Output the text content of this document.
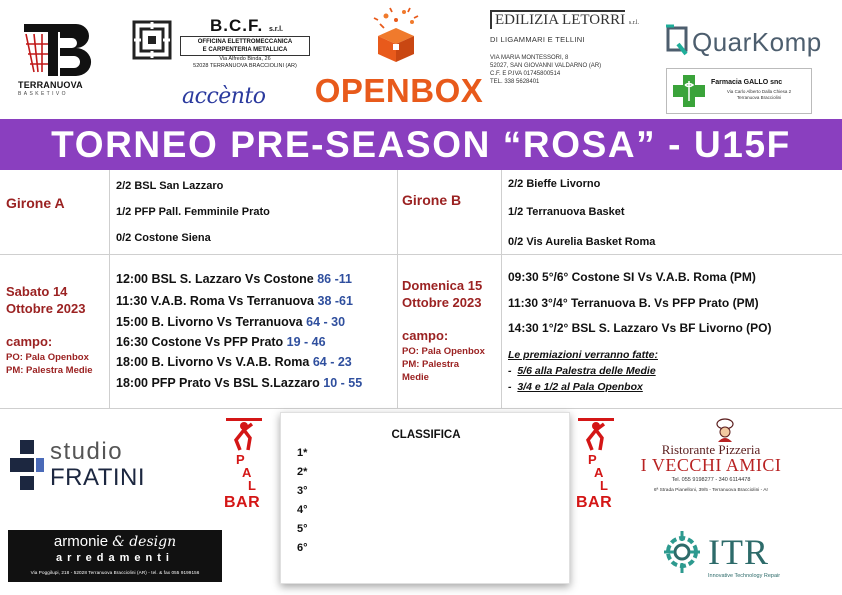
TERRANUOVA
BASKETIVO
B.C.F. s.r.l.
OFFICINA ELETTROMECCANICA
E CARPENTERIA METALLICA
Via Alfredo Binda, 26
52028 TERRANUOVA BRACCIOLINI (AR)
accènto OPENBOX
EDILIZIA LETORRI s.r.l.
DI LIGAMMARI E TELLINI
VIA MARIA MONTESSORI, 8
52027, SAN GIOVANNI VALDARNO (AR)
C.F. E P.IVA 01745800514
TEL. 338 5628401
QuarKomp
Farmacia GALLO snc
Via Carlo Alberto Dalla Chiesa 2
Terranuova Bracciolini
TORNEO PRE-SEASON “ROSA” - U15F
Girone A
2/2 BSL San Lazzaro
1/2 PFP Pall. Femminile Prato
0/2 Costone Siena
Girone B
2/2 Bieffe Livorno
1/2 Terranuova Basket
0/2 Vis Aurelia Basket Roma
Sabato 14
Ottobre 2023
campo:
PO: Pala Openbox
PM: Palestra Medie
12:00 BSL S. Lazzaro Vs Costone 86 -11
11:30 V.A.B. Roma Vs Terranuova 38 -61
15:00 B. Livorno Vs Terranuova 64 - 30
16:30 Costone Vs PFP Prato 19 - 46
18:00 B. Livorno Vs V.A.B. Roma 64 - 23
18:00 PFP Prato Vs BSL S.Lazzaro 10 - 55
Domenica 15
Ottobre 2023
campo:
PO: Pala Openbox
PM: Palestra
Medie
09:30 5°/6° Costone SI Vs V.A.B. Roma (PM)
11:30 3°/4° Terranuova B. Vs PFP Prato (PM)
14:30 1°/2° BSL S. Lazzaro Vs BF Livorno (PO)
Le premiazioni verranno fatte:
-  5/6 alla Palestra delle Medie
-  3/4 e 1/2 al Pala Openbox
studio
FRATINI
armonie & design
arredamenti
Via Poggilupi, 218 - 52028 Terranuova Bracciolini (AR) - tel. & fax 055 9199156
P
A
L
BAR
CLASSIFICA
1*
2*
3°
4°
5°
6°
P
A
L
BAR
Ristorante Pizzeria
I VECCHI AMICI
Tel. 055 9198277 - 340 6114478
6ª Strada Pianelloni, 39/5 - Terranuova Bracciolini - Ar
ITR
Innovative Technology Repair
